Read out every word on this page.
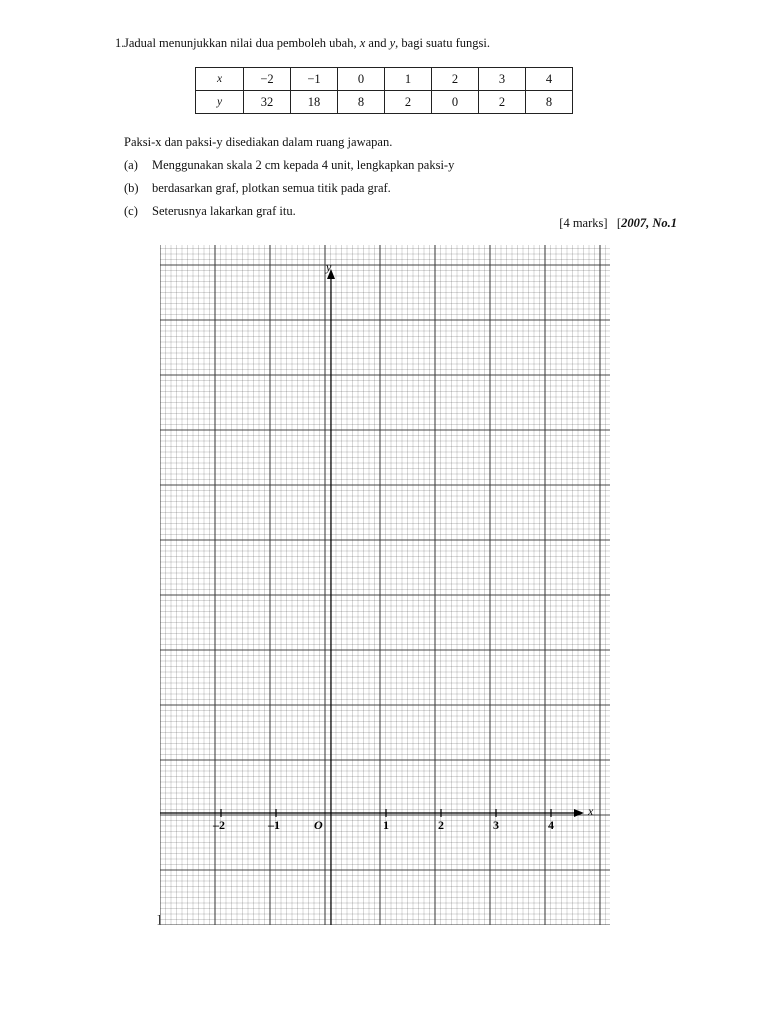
1. Jadual menunjukkan nilai dua pemboleh ubah, x and y, bagi suatu fungsi.
x	−2	−1	0	1	2	3	4
y	32	18	8	2	0	2	8
Paksi-x dan paksi-y disediakan dalam ruang jawapan.
(a) Menggunakan skala 2 cm kepada 4 unit, lengkapkan paksi-y
(b) berdasarkan graf, plotkan semua titik pada graf.
(c) Seterusnya lakarkan graf itu.
[4 marks] [2007, No.1
x
y
O
–2	–1	1	2	3	4
]
